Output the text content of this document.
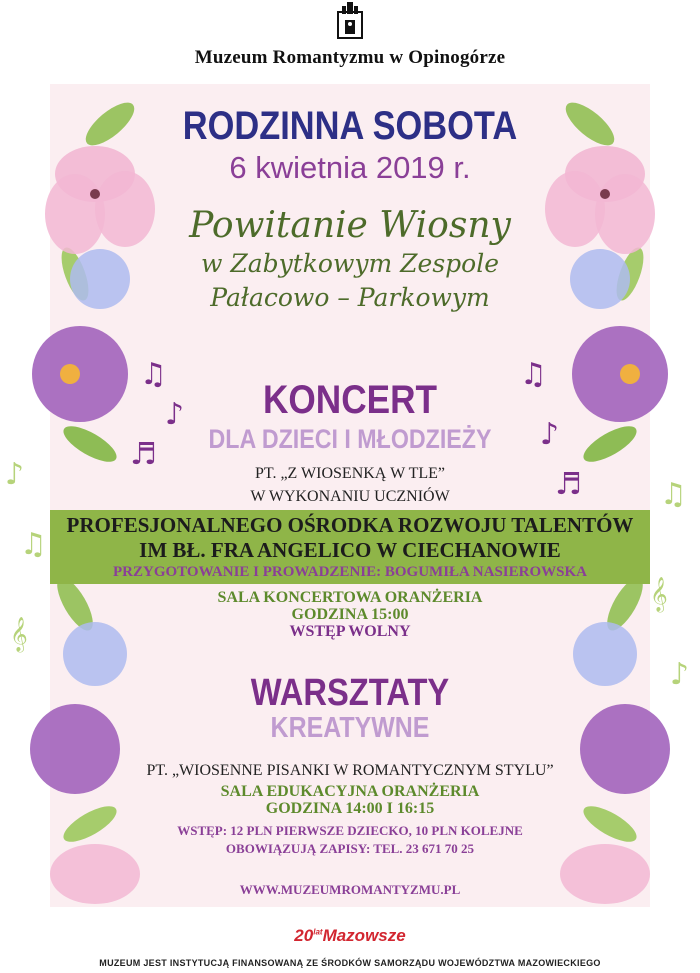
Muzeum Romantyzmu w Opinogórze
♫
♪
♫
♪
♬
♬
♪
♫
♫
𝄞
𝄞
♪
RODZINNA SOBOTA
6 kwietnia 2019 r.
Powitanie Wiosny
w Zabytkowym Zespole
Pałacowo – Parkowym
KONCERT
DLA DZIECI I MŁODZIEŻY
PT. „Z WIOSENKĄ W TLE”
W WYKONANIU UCZNIÓW
PROFESJONALNEGO OŚRODKA ROZWOJU TALENTÓW
IM BŁ. FRA ANGELICO W CIECHANOWIE
PRZYGOTOWANIE I PROWADZENIE: BOGUMIŁA NASIEROWSKA
SALA KONCERTOWA ORANŻERIA
GODZINA 15:00
WSTĘP WOLNY
WARSZTATY
KREATYWNE
PT. „WIOSENNE PISANKI W ROMANTYCZNYM STYLU”
SALA EDUKACYJNA ORANŻERIA
GODZINA 14:00 I 16:15
WSTĘP: 12 PLN PIERWSZE DZIECKO, 10 PLN KOLEJNE
OBOWIĄZUJĄ ZAPISY: TEL. 23 671 70 25
WWW.MUZEUMROMANTYZMU.PL
$20^{lat}Mazowsze$
MUZEUM JEST INSTYTUCJĄ FINANSOWANĄ ZE ŚRODKÓW SAMORZĄDU WOJEWÓDZTWA MAZOWIECKIEGO
